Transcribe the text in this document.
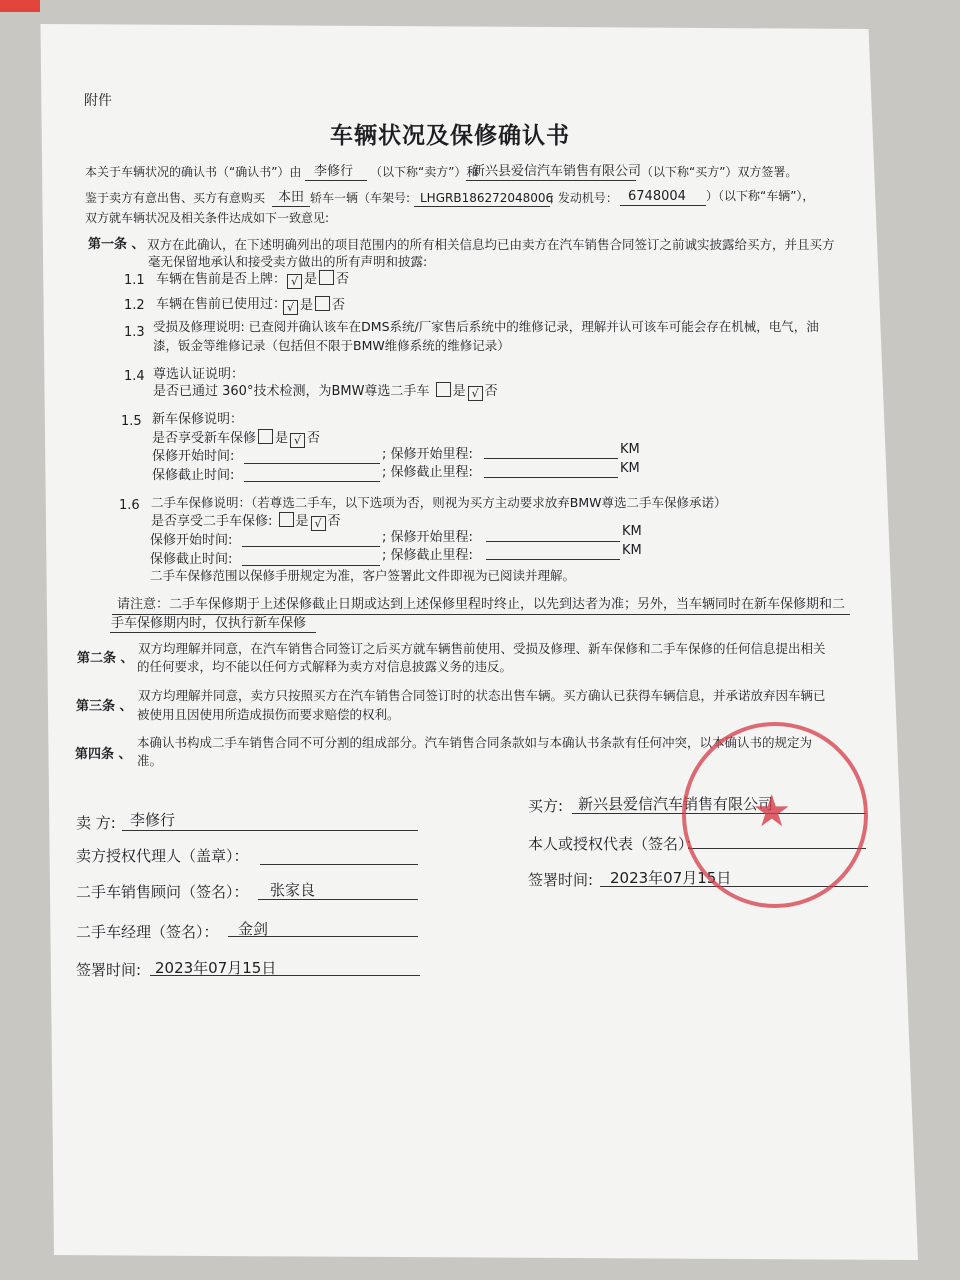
附件
车辆状况及保修确认书
本关于车辆状况的确认书（“确认书”）由 李修行 （以下称“卖方”）和
新兴县爱信汽车销售有限公司 （以下称“买方”）双方签署。
鉴于卖方有意出售、买方有意购买 本田 轿车一辆（车架号: LHGRB186272048006
; 发动机号： 6748004 ）（以下称“车辆”），
双方就车辆状况及相关条件达成如下一致意见:
第一条 、 双方在此确认，在下述明确列出的项目范围内的所有相关信息均已由卖方在汽车销售合同签订之前诚实披露给买方，并且买方
毫无保留地承认和接受卖方做出的所有声明和披露:
1.1 车辆在售前是否上牌： √ 是 否
1.2 车辆在售前已使用过： √ 是 否
1.3 受损及修理说明: 已查阅并确认该车在DMS系统/厂家售后系统中的维修记录，理解并认可该车可能会存在机械，电气，油
漆，钣金等维修记录（包括但不限于BMW维修系统的维修记录）
1.4 尊选认证说明：
是否已通过 360°技术检测，为BMW尊选二手车 是 √ 否
1.5 新车保修说明：
是否享受新车保修 是 √ 否
保修开始时间:	; 保修开始里程:	KM
保修截止时间:	; 保修截止里程:	KM
1.6 二手车保修说明：（若尊选二手车，以下选项为否，则视为买方主动要求放弃BMW尊选二手车保修承诺）
是否享受二手车保修: 是 √ 否
保修开始时间:	; 保修开始里程:	KM
保修截止时间:	; 保修截止里程:	KM
二手车保修范围以保修手册规定为准，客户签署此文件即视为已阅读并理解。
请注意：二手车保修期于上述保修截止日期或达到上述保修里程时终止，以先到达者为准；另外，当车辆同时在新车保修期和二
手车保修期内时，仅执行新车保修
第二条 、
双方均理解并同意，在汽车销售合同签订之后买方就车辆售前使用、受损及修理、新车保修和二手车保修的任何信息提出相关
的任何要求，均不能以任何方式解释为卖方对信息披露义务的违反。
第三条 、
双方均理解并同意，卖方只按照买方在汽车销售合同签订时的状态出售车辆。买方确认已获得车辆信息，并承诺放弃因车辆已
被使用且因使用所造成损伤而要求赔偿的权利。
第四条 、
本确认书构成二手车销售合同不可分割的组成部分。汽车销售合同条款如与本确认书条款有任何冲突，以本确认书的规定为
准。
卖 方: 李修行
卖方授权代理人（盖章）：
二手车销售顾问（签名）： 张家良
二手车经理（签名）： 金剑
签署时间: 2023年07月15日
买方: 新兴县爱信汽车销售有限公司
本人或授权代表（签名）：
签署时间: 2023年07月15日
★
